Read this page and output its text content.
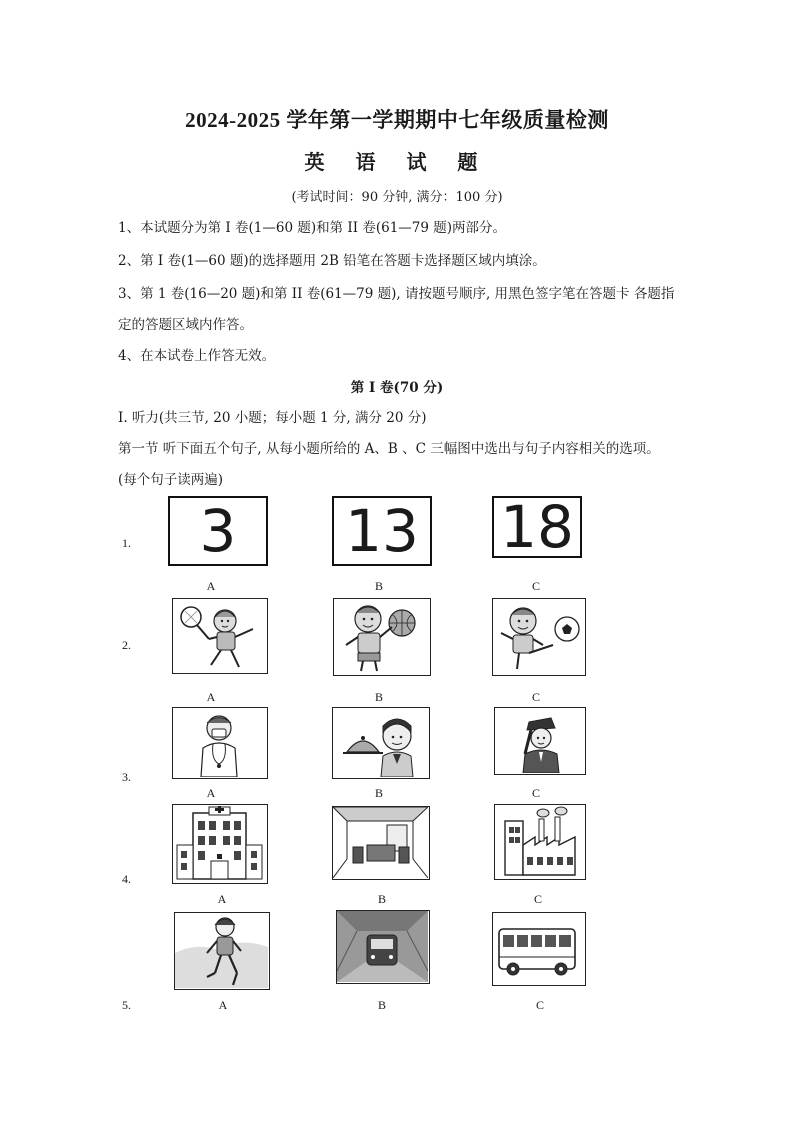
2024-2025 学年第一学期期中七年级质量检测
英 语 试 题
(考试时间：90 分钟, 满分：100 分)
1、本试题分为第 I 卷(1—60 题)和第 II 卷(61—79 题)两部分。
2、第 I 卷(1—60 题)的选择题用 2B 铅笔在答题卡选择题区域内填涂。
3、第 1 卷(16—20 题)和第 II 卷(61—79 题), 请按题号顺序, 用黑色签字笔在答题卡 各题指
定的答题区域内作答。
4、在本试卷上作答无效。
第 I 卷(70 分)
I. 听力(共三节, 20 小题；每小题 1 分, 满分 20 分)
第一节 听下面五个句子, 从每小题所给的 A、B 、C 三幅图中选出与句子内容相关的选项。
(每个句子读两遍)
1. 3 13 18
A	B	C
2.
A	B	C
3.
A	B	C
4.
A	B	C
5.	A	B	C
